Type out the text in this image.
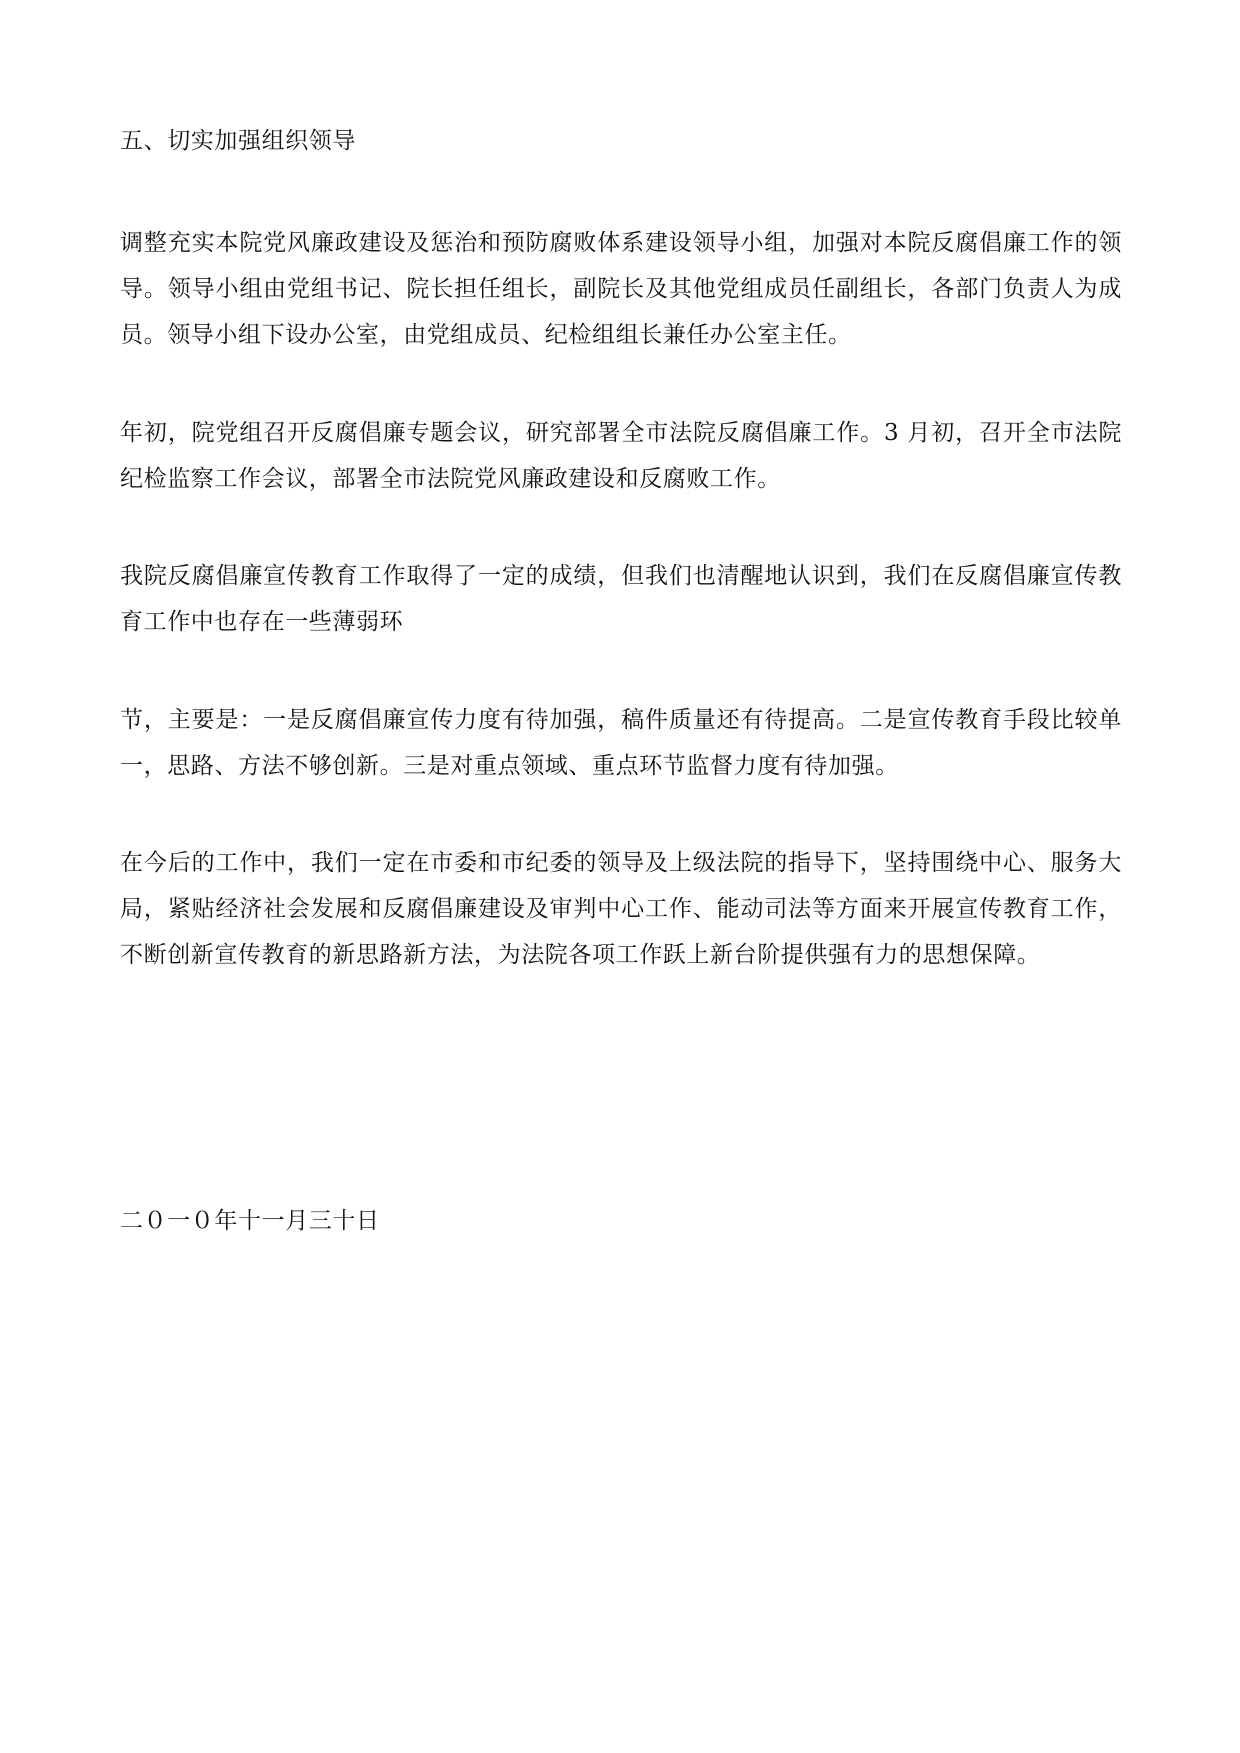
五、切实加强组织领导

调整充实本院党风廉政建设及惩治和预防腐败体系建设领导小组，加强对本院反腐倡廉工作的领导。领导小组由党组书记、院长担任组长，副院长及其他党组成员任副组长，各部门负责人为成员。领导小组下设办公室，由党组成员、纪检组组长兼任办公室主任。

年初，院党组召开反腐倡廉专题会议，研究部署全市法院反腐倡廉工作。3 月初，召开全市法院纪检监察工作会议，部署全市法院党风廉政建设和反腐败工作。

我院反腐倡廉宣传教育工作取得了一定的成绩，但我们也清醒地认识到，我们在反腐倡廉宣传教育工作中也存在一些薄弱环

节，主要是：一是反腐倡廉宣传力度有待加强，稿件质量还有待提高。二是宣传教育手段比较单一，思路、方法不够创新。三是对重点领域、重点环节监督力度有待加强。

在今后的工作中，我们一定在市委和市纪委的领导及上级法院的指导下，坚持围绕中心、服务大局，紧贴经济社会发展和反腐倡廉建设及审判中心工作、能动司法等方面来开展宣传教育工作，不断创新宣传教育的新思路新方法，为法院各项工作跃上新台阶提供强有力的思想保障。

二０一０年十一月三十日
